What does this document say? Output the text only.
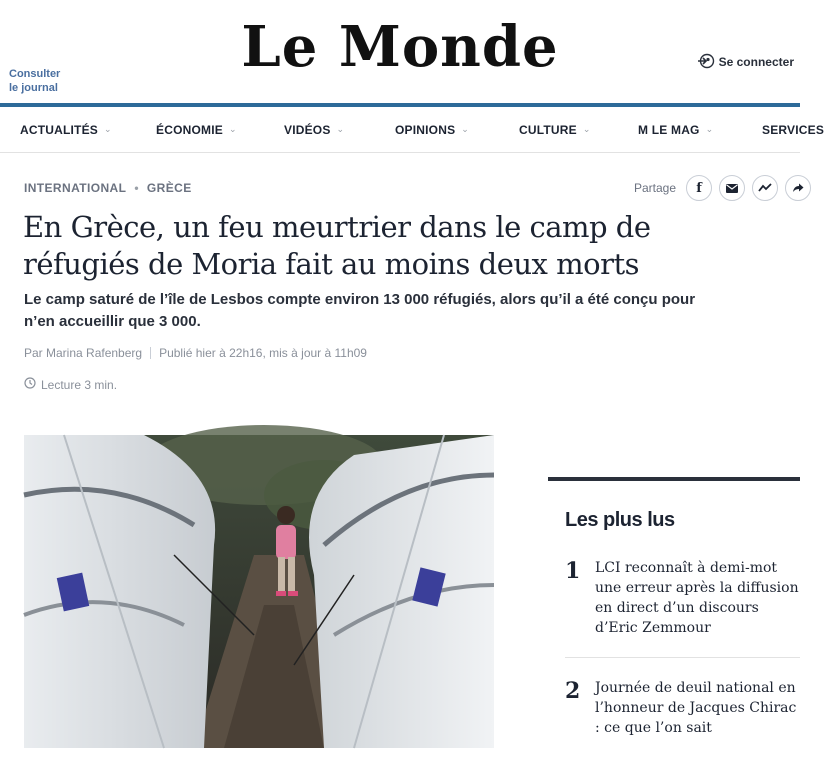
Consulter le journal
Le Monde	Se connecter
ACTUALITÉS ⌄	ÉCONOMIE ⌄	VIDÉOS ⌄	OPINIONS ⌄	CULTURE ⌄	M LE MAG ⌄	SERVICES
INTERNATIONAL • GRÈCE	Partage f
En Grèce, un feu meurtrier dans le camp de réfugiés de Moria fait au moins deux morts

Le camp saturé de l’île de Lesbos compte environ 13 000 réfugiés, alors qu’il a été conçu pour n’en accueillir que 3 000.

Par Marina Rafenberg Publié hier à 22h16, mis à jour à 11h09
Lecture 3 min.
Les plus lus
1 LCI reconnaît à demi-mot une erreur après la diffusion en direct d’un discours d’Eric Zemmour
2 Journée de deuil national en l’honneur de Jacques Chirac : ce que l’on sait
